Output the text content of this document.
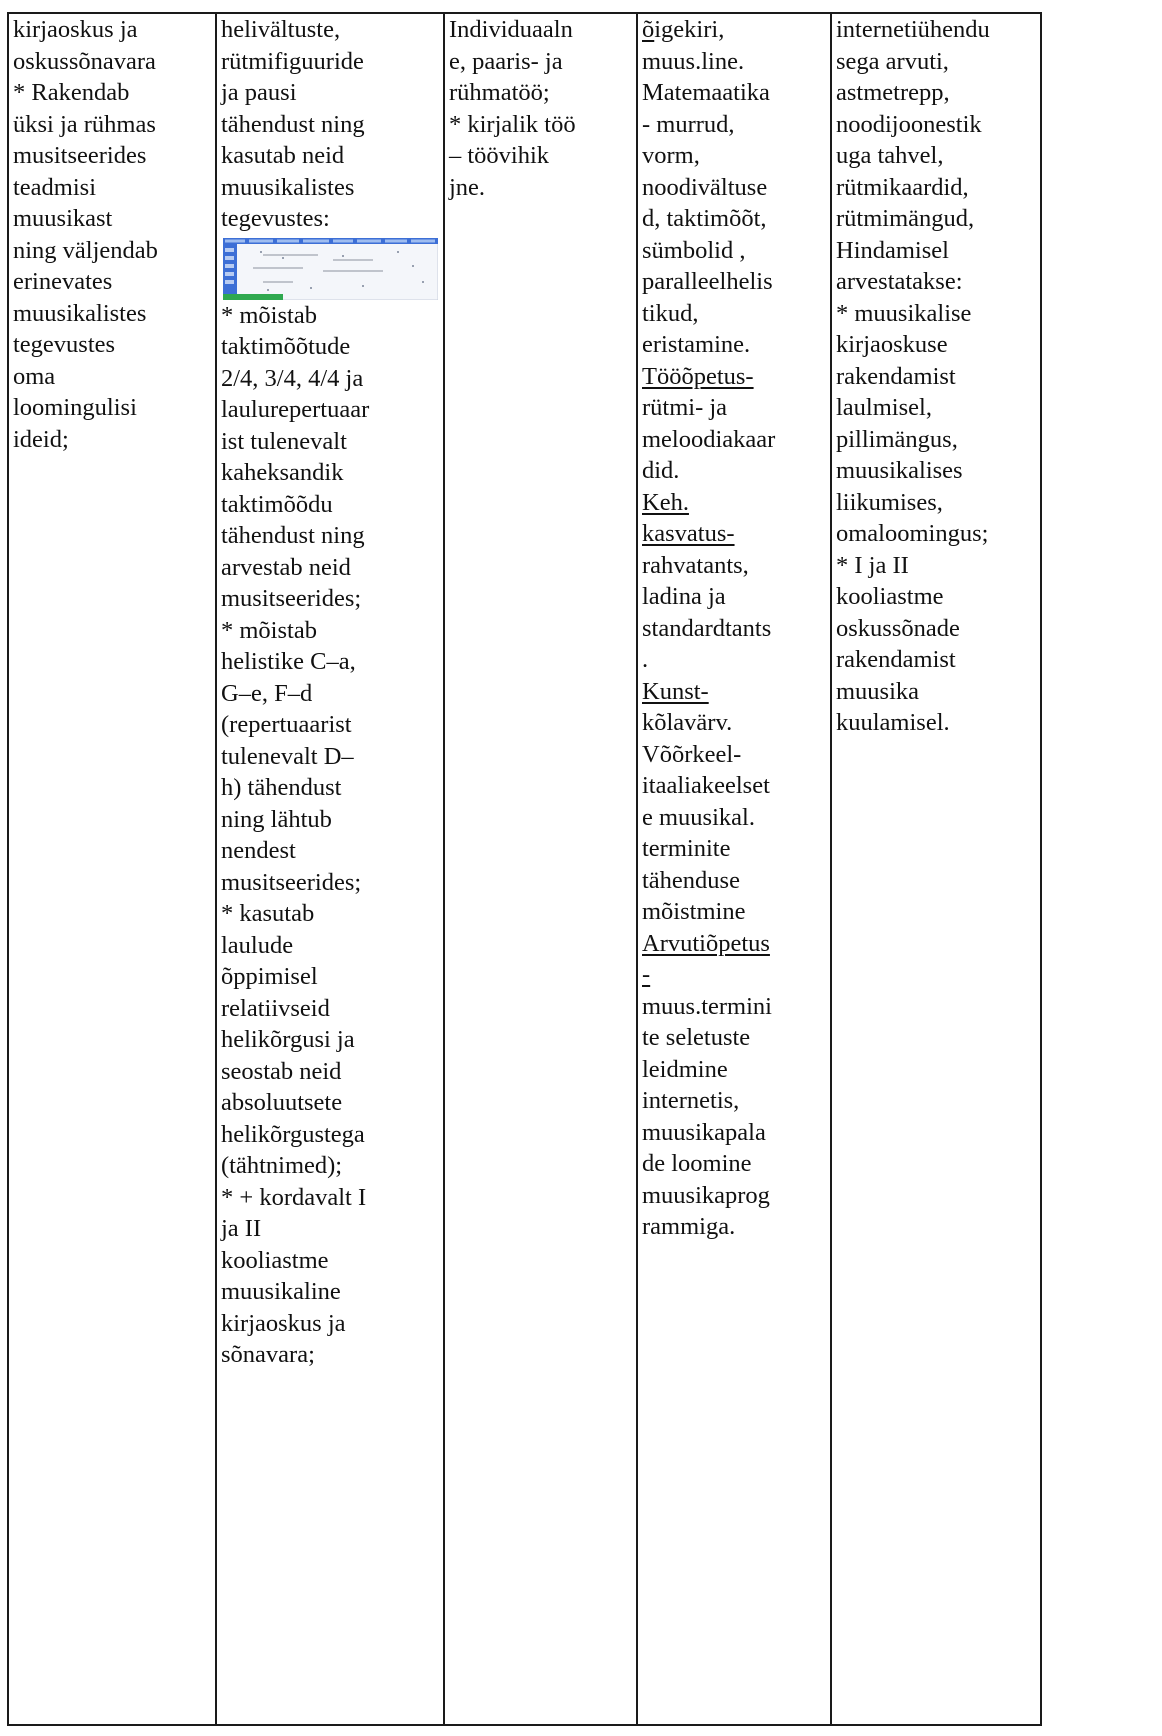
kirjaoskus ja
oskussõnavara
* Rakendab
üksi ja rühmas
musitseerides
teadmisi
muusikast
ning väljendab
erinevates
muusikalistes
tegevustes
oma
loomingulisi
ideid;

helivältuste,
rütmifiguuride
ja pausi
tähendust ning
kasutab neid
muusikalistes
tegevustes:
* mõistab
taktimõõtude
2/4, 3/4, 4/4 ja
laulurepertuaar
ist tulenevalt
kaheksandik
taktimõõdu
tähendust ning
arvestab neid
musitseerides;
* mõistab
helistike C–a,
G–e, F–d
(repertuaarist
tulenevalt D–
h) tähendust
ning lähtub
nendest
musitseerides;
* kasutab
laulude
õppimisel
relatiivseid
helikõrgusi ja
seostab neid
absoluutsete
helikõrgustega
(tähtnimed);
* + kordavalt I
ja II
kooliastme
muusikaline
kirjaoskus ja
sõnavara;

Individuaaln
e, paaris- ja
rühmatöö;
* kirjalik töö
– töövihik
jne.

õigekiri,
muus.line.
Matemaatika
- murrud,
vorm,
noodivältuse
d, taktimõõt,
sümbolid ,
paralleelhelis
tikud,
eristamine.
Tööõpetus-
rütmi- ja
meloodiakaar
did.
Keh.
kasvatus-
rahvatants,
ladina ja
standardtants
.
Kunst-
kõlavärv.
Võõrkeel-
itaaliakeelset
e muusikal.
terminite
tähenduse
mõistmine
Arvutiõpetus
-
muus.termini
te seletuste
leidmine
internetis,
muusikapala
de loomine
muusikaprog
rammiga.

internetiühendu
sega arvuti,
astmetrepp,
noodijoonestik
uga tahvel,
rütmikaardid,
rütmimängud,
Hindamisel
arvestatakse:
* muusikalise
kirjaoskuse
rakendamist
laulmisel,
pillimängus,
muusikalises
liikumises,
omaloomingus;
* I ja II
kooliastme
oskussõnade
rakendamist
muusika
kuulamisel.
